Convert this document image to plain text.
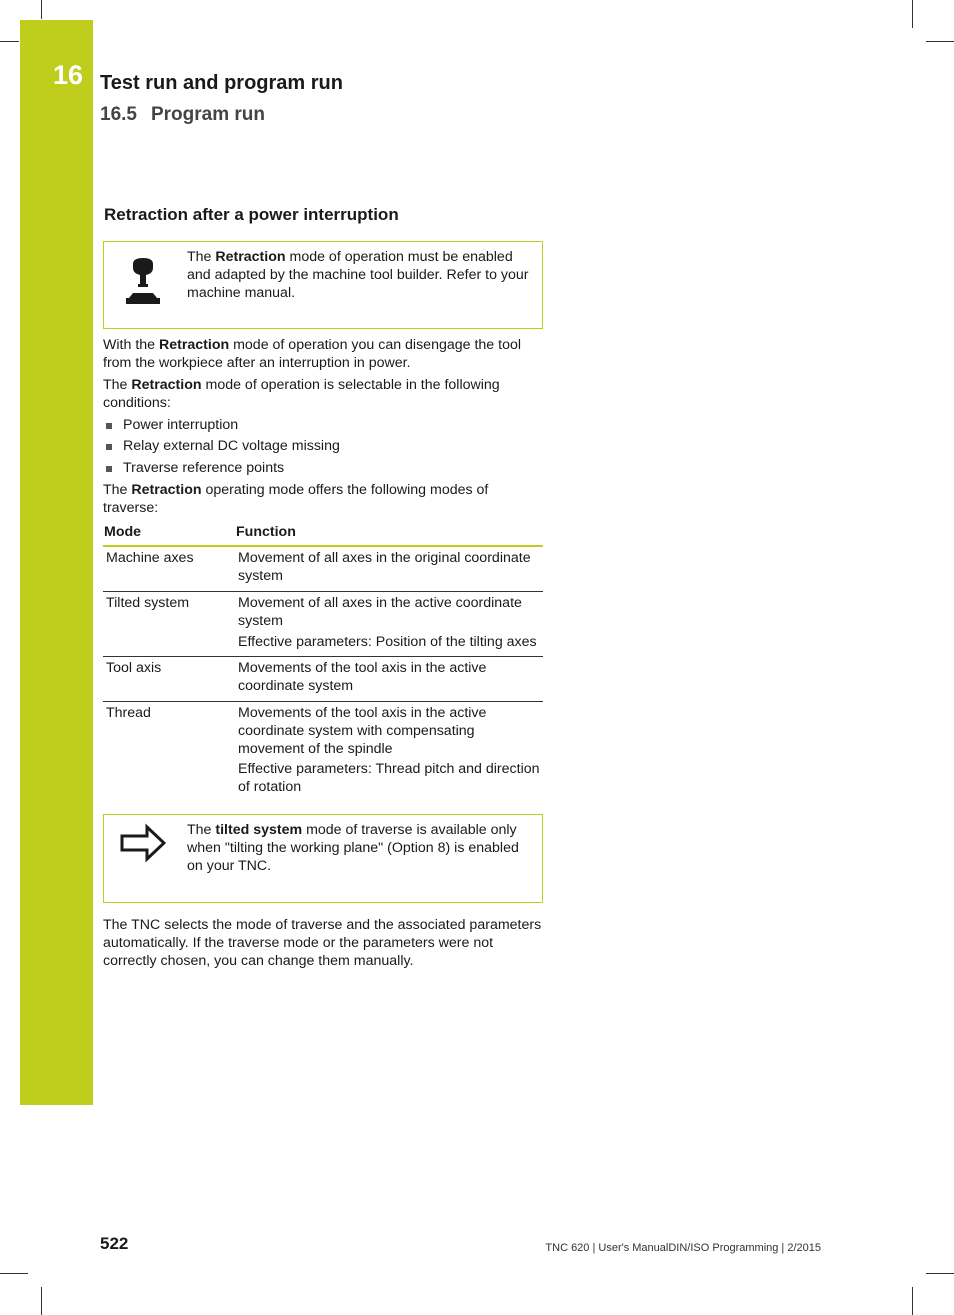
16 Test run and program run
16.5 Program run
Retraction after a power interruption
The Retraction mode of operation must be enabled and adapted by the machine tool builder. Refer to your machine manual.

With the Retraction mode of operation you can disengage the tool from the workpiece after an interruption in power.

The Retraction mode of operation is selectable in the following conditions:

Power interruption
Relay external DC voltage missing
Traverse reference points

The Retraction operating mode offers the following modes of traverse:

Mode	Function
Machine axes	Movement of all axes in the original coordinate system

Tilted system	Movement of all axes in the active coordinate system
Effective parameters: Position of the tilting axes

Tool axis	Movements of the tool axis in the active coordinate system

Thread	Movements of the tool axis in the active coordinate system with compensating movement of the spindle
Effective parameters: Thread pitch and direction of rotation
The tilted system mode of traverse is available only when "tilting the working plane" (Option 8) is enabled on your TNC.

The TNC selects the mode of traverse and the associated parameters automatically. If the traverse mode or the parameters were not correctly chosen, you can change them manually.

522	TNC 620 | User's ManualDIN/ISO Programming | 2/2015
